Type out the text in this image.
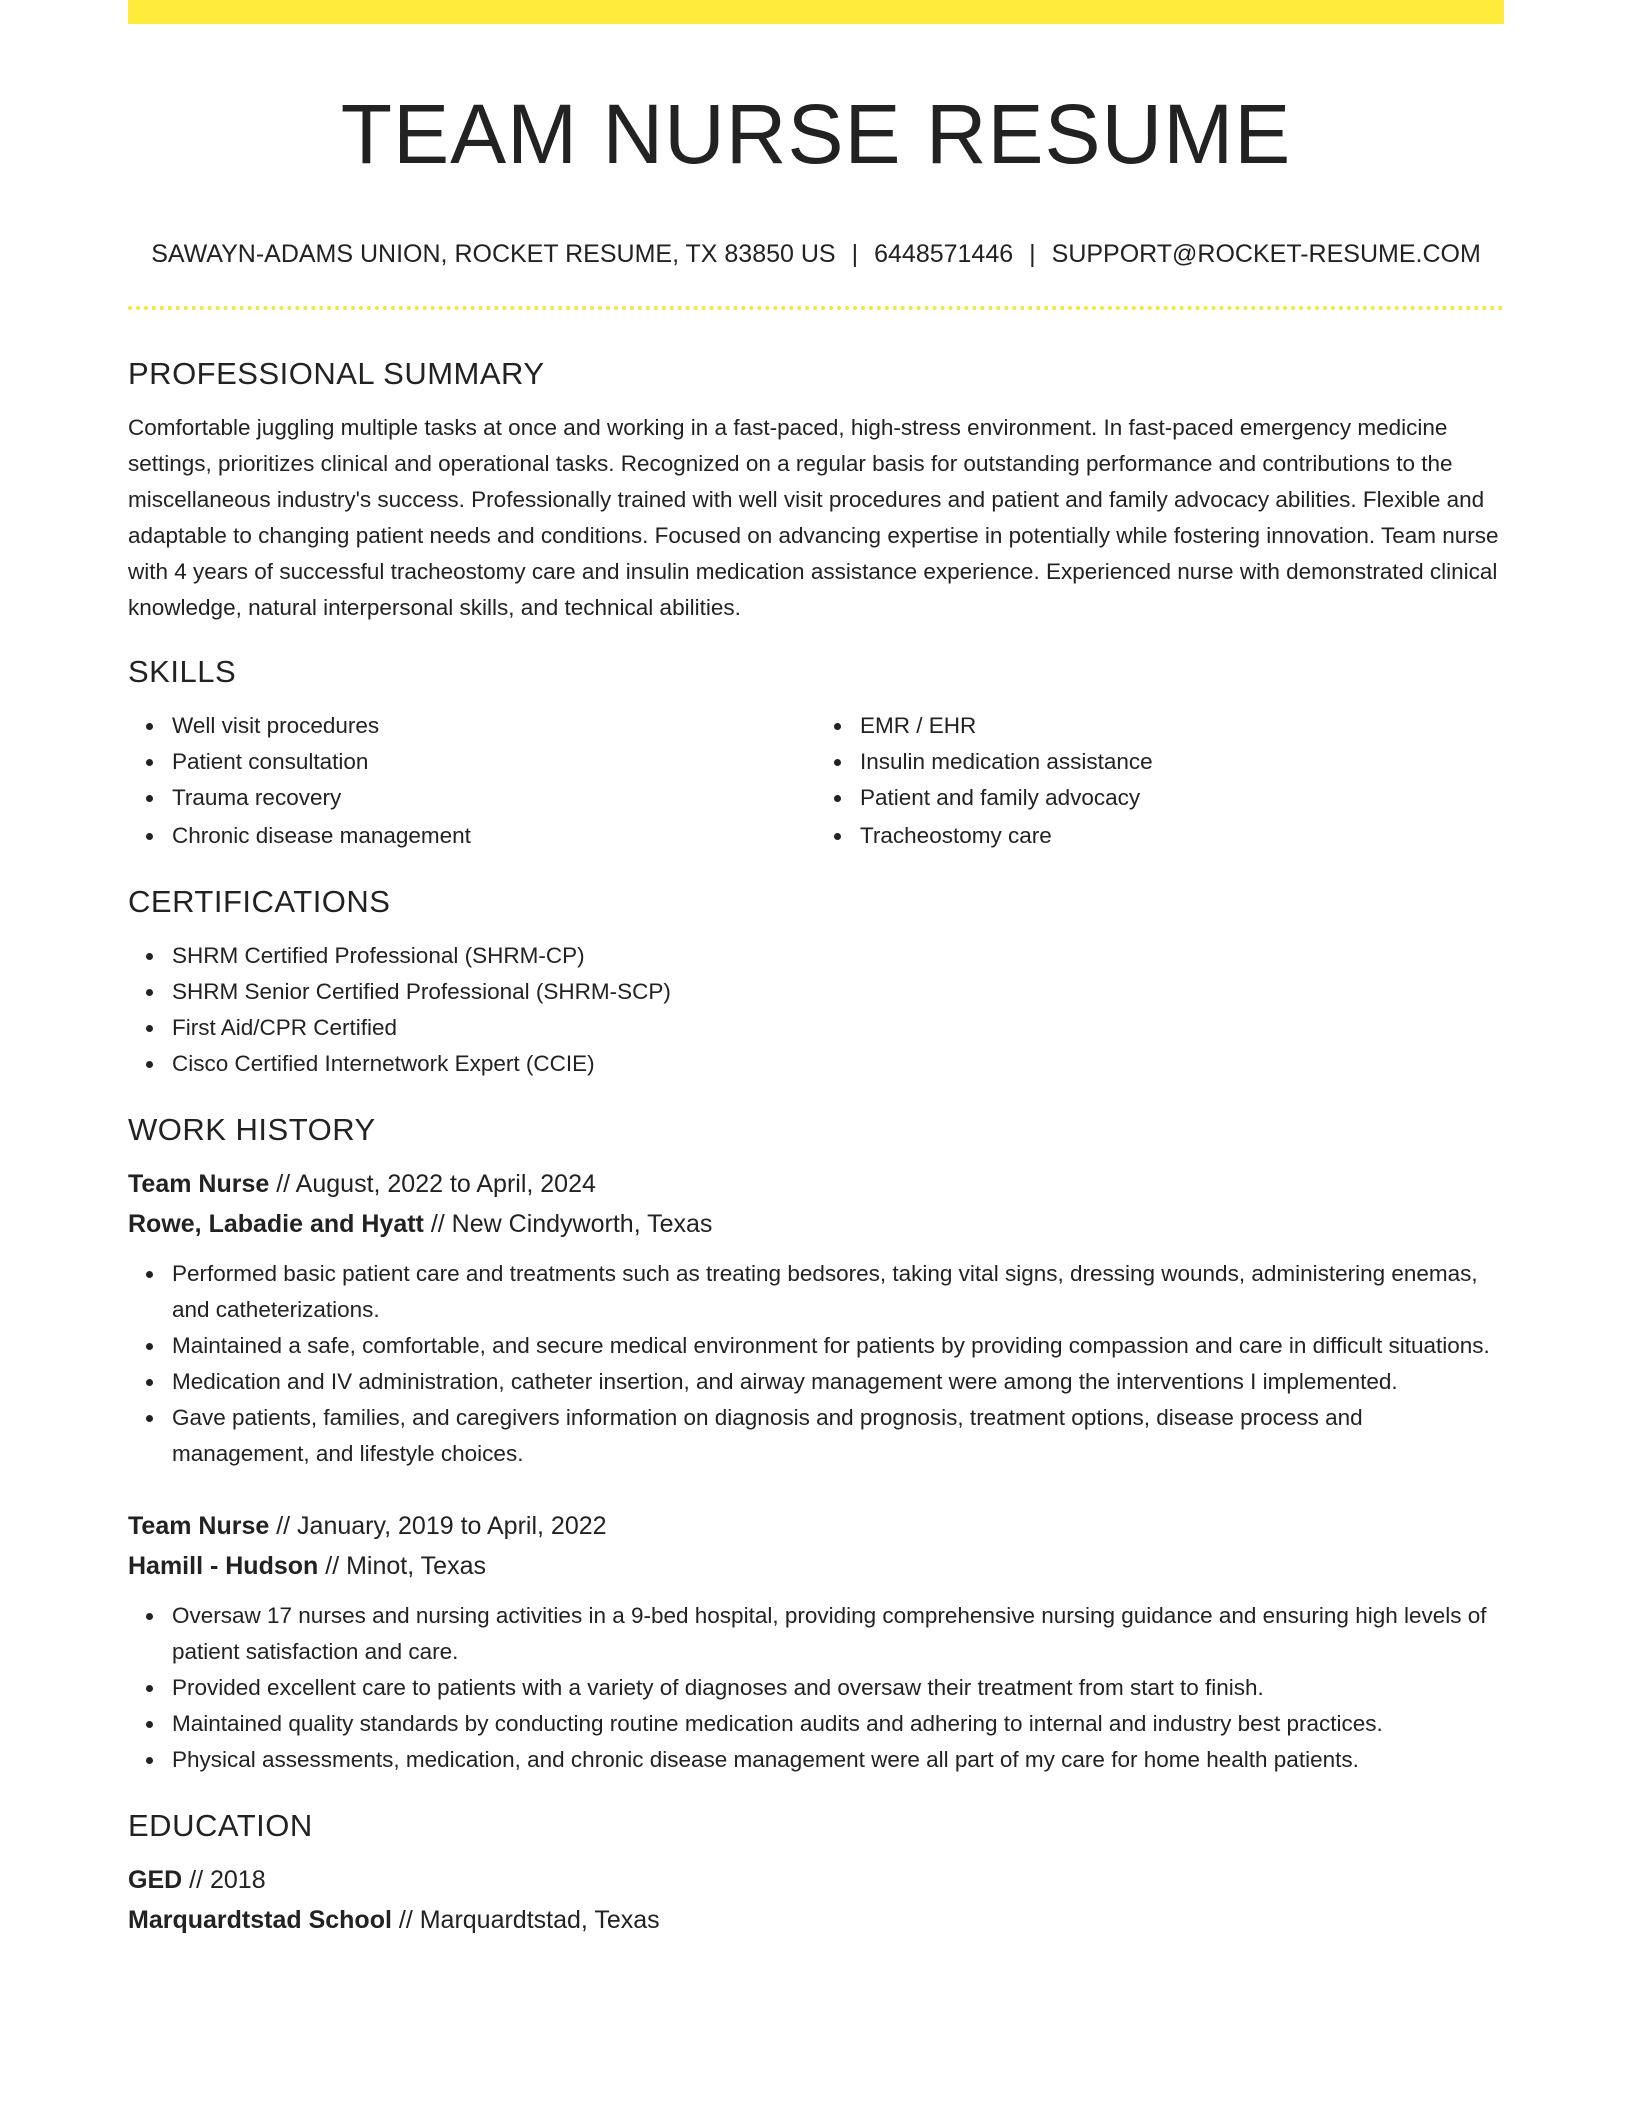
TEAM NURSE RESUME
SAWAYN-ADAMS UNION, ROCKET RESUME, TX 83850 US | 6448571446 | SUPPORT@ROCKET-RESUME.COM
PROFESSIONAL SUMMARY

Comfortable juggling multiple tasks at once and working in a fast-paced, high-stress environment. In fast-paced emergency medicine settings, prioritizes clinical and operational tasks. Recognized on a regular basis for outstanding performance and contributions to the miscellaneous industry's success. Professionally trained with well visit procedures and patient and family advocacy abilities. Flexible and adaptable to changing patient needs and conditions. Focused on advancing expertise in potentially while fostering innovation. Team nurse with 4 years of successful tracheostomy care and insulin medication assistance experience. Experienced nurse with demonstrated clinical knowledge, natural interpersonal skills, and technical abilities.

SKILLS
Well visit procedures
Patient consultation
Trauma recovery
Chronic disease management
EMR / EHR
Insulin medication assistance
Patient and family advocacy
Tracheostomy care
CERTIFICATIONS
SHRM Certified Professional (SHRM-CP)
SHRM Senior Certified Professional (SHRM-SCP)
First Aid/CPR Certified
Cisco Certified Internetwork Expert (CCIE)
WORK HISTORY
Team Nurse // August, 2022 to April, 2024
Rowe, Labadie and Hyatt // New Cindyworth, Texas
Performed basic patient care and treatments such as treating bedsores, taking vital signs, dressing wounds, administering enemas, and catheterizations.
Maintained a safe, comfortable, and secure medical environment for patients by providing compassion and care in difficult situations.
Medication and IV administration, catheter insertion, and airway management were among the interventions I implemented.
Gave patients, families, and caregivers information on diagnosis and prognosis, treatment options, disease process and management, and lifestyle choices.
Team Nurse // January, 2019 to April, 2022
Hamill - Hudson // Minot, Texas
Oversaw 17 nurses and nursing activities in a 9-bed hospital, providing comprehensive nursing guidance and ensuring high levels of patient satisfaction and care.
Provided excellent care to patients with a variety of diagnoses and oversaw their treatment from start to finish.
Maintained quality standards by conducting routine medication audits and adhering to internal and industry best practices.
Physical assessments, medication, and chronic disease management were all part of my care for home health patients.
EDUCATION
GED // 2018
Marquardtstad School // Marquardtstad, Texas
